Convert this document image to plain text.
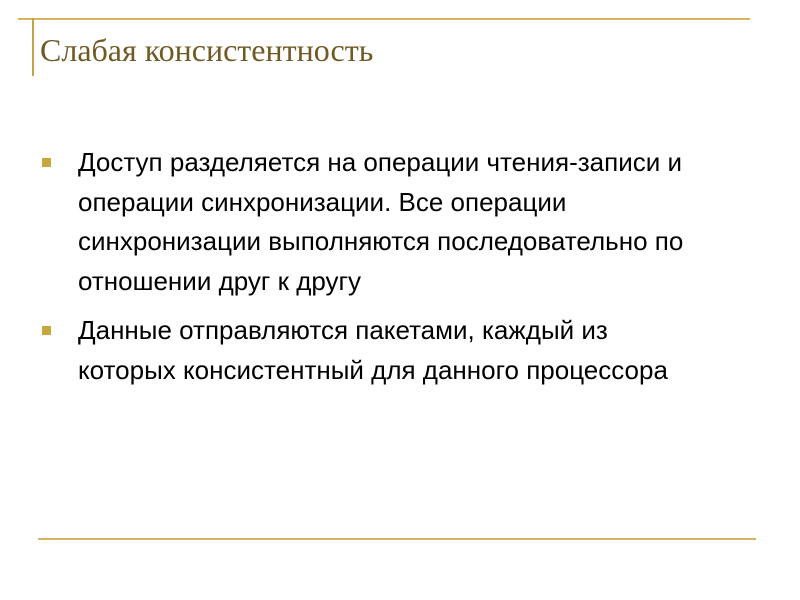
Слабая консистентность
Доступ разделяется на операции чтения-записи и операции синхронизации. Все операции синхронизации выполняются последовательно по отношении друг к другу
Данные отправляются пакетами, каждый из которых консистентный для данного процессора
